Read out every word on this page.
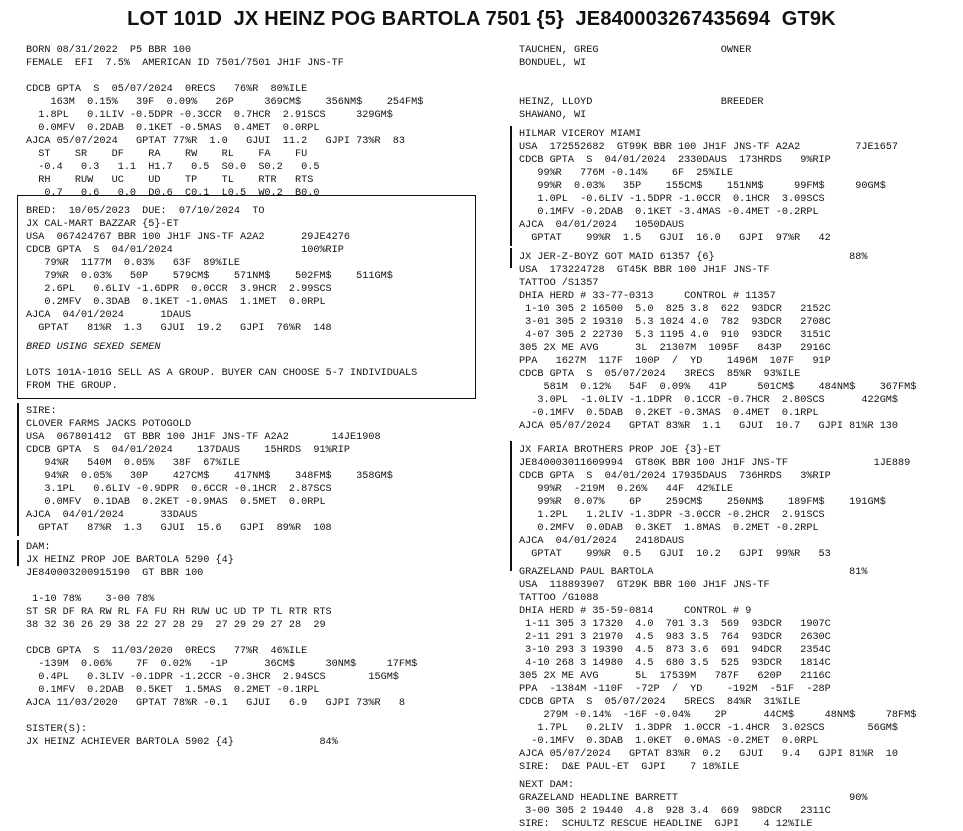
LOT 101D  JX HEINZ POG BARTOLA 7501 {5}  JE840003267435694  GT9K
BORN 08/31/2022  P5 BBR 100
FEMALE  EFI  7.5%  AMERICAN ID 7501/7501 JH1F JNS-TF
CDCB GPTA  S  05/07/2024  0RECS   76%R  80%ILE
163M  0.15%   39F  0.09%   26P     369CM$    356NM$    254FM$
1.8PL   0.1LIV -0.5DPR -0.3CCR  0.7HCR  2.91SCS     329GM$
0.0MFV  0.2DAB  0.1KET -0.5MAS  0.4MET  0.0RPL
AJCA 05/07/2024   GPTAT 77%R  1.0   GJUI  11.2   GJPI 73%R  83
ST    SR    DF    RA    RW    RL    FA    FU
-0.4   0.3   1.1  H1.7   0.5  S0.0  S0.2   0.5
RH    RUW   UC    UD    TP    TL    RTR   RTS
0.7   0.6   0.0  D0.6  C0.1  L0.5  W0.2  B0.0
BRED:  10/05/2023  DUE:  07/10/2024  TO
JX CAL-MART BAZZAR {5}-ET
USA  067424767 BBR 100 JH1F JNS-TF A2A2      29JE4276
CDCB GPTA  S  04/01/2024                     100%RIP
79%R  1177M  0.03%   63F  89%ILE
79%R  0.03%   50P    579CM$    571NM$    502FM$    511GM$
2.6PL   0.6LIV -1.6DPR  0.0CCR  3.9HCR  2.99SCS
0.2MFV  0.3DAB  0.1KET -1.0MAS  1.1MET  0.0RPL
AJCA  04/01/2024      1DAUS
GPTAT   81%R  1.3   GJUI  19.2   GJPI  76%R  148
BRED USING SEXED SEMEN
LOTS 101A-101G SELL AS A GROUP. BUYER CAN CHOOSE 5-7 INDIVIDUALS
FROM THE GROUP.
SIRE:
CLOVER FARMS JACKS POTOGOLD
USA  067801412  GT BBR 100 JH1F JNS-TF A2A2       14JE1908
CDCB GPTA  S  04/01/2024    137DAUS    15HRDS  91%RIP
94%R   540M  0.05%   38F  67%ILE
94%R  0.05%   30P    427CM$    417NM$    348FM$    358GM$
3.1PL   0.6LIV -0.9DPR  0.6CCR -0.1HCR  2.87SCS
0.0MFV  0.1DAB  0.2KET -0.9MAS  0.5MET  0.0RPL
AJCA  04/01/2024      33DAUS
GPTAT   87%R  1.3   GJUI  15.6   GJPI  89%R  108
DAM:
JX HEINZ PROP JOE BARTOLA 5290 {4}
JE840003200915190  GT BBR 100
1-10 78%    3-00 78%
ST SR DF RA RW RL FA FU RH RUW UC UD TP TL RTR RTS
38 32 36 26 29 38 22 27 28 29  27 29 29 27 28  29
CDCB GPTA  S  11/03/2020  0RECS   77%R  46%ILE
-139M  0.06%    7F  0.02%   -1P      36CM$     30NM$     17FM$
0.4PL   0.3LIV -0.1DPR -1.2CCR -0.3HCR  2.94SCS       15GM$
0.1MFV  0.2DAB  0.5KET  1.5MAS  0.2MET -0.1RPL
AJCA 11/03/2020   GPTAT 78%R -0.1   GJUI   6.9   GJPI 73%R   8
SISTER(S):
JX HEINZ ACHIEVER BARTOLA 5902 {4}              84%
TAUCHEN, GREG                    OWNER
BONDUEL, WI
HEINZ, LLOYD                     BREEDER
SHAWANO, WI
HILMAR VICEROY MIAMI
USA  172552682  GT99K BBR 100 JH1F JNS-TF A2A2         7JE1657
CDCB GPTA  S  04/01/2024  2330DAUS  173HRDS   9%RIP
99%R   776M -0.14%    6F  25%ILE
99%R  0.03%   35P    155CM$    151NM$     99FM$     90GM$
1.0PL  -0.6LIV -1.5DPR -1.0CCR  0.1HCR  3.09SCS
0.1MFV -0.2DAB  0.1KET -3.4MAS -0.4MET -0.2RPL
AJCA  04/01/2024   1050DAUS
GPTAT    99%R  1.5   GJUI  16.0   GJPI  97%R   42
JX JER-Z-BOYZ GOT MAID 61357 {6}                      88%
USA  173224728  GT45K BBR 100 JH1F JNS-TF
TATTOO /S1357
DHIA HERD # 33-77-0313     CONTROL # 11357
1-10 305 2 16500  5.0  825 3.8  622  93DCR   2152C
3-01 305 2 19310  5.3 1024 4.0  782  93DCR   2708C
4-07 305 2 22730  5.3 1195 4.0  910  93DCR   3151C
305 2X ME AVG      3L  21307M  1095F   843P   2916C
PPA   1627M  117F  100P  /  YD    1496M  107F   91P
CDCB GPTA  S  05/07/2024   3RECS  85%R  93%ILE
581M  0.12%   54F  0.09%   41P     501CM$    484NM$    367FM$
3.0PL  -1.0LIV -1.1DPR  0.1CCR -0.7HCR  2.80SCS      422GM$
-0.1MFV  0.5DAB  0.2KET -0.3MAS  0.4MET  0.1RPL
AJCA 05/07/2024   GPTAT 83%R  1.1   GJUI  10.7   GJPI 81%R 130
JX FARIA BROTHERS PROP JOE {3}-ET
JE840003011609994  GT80K BBR 100 JH1F JNS-TF              1JE889
CDCB GPTA  S  04/01/2024 17935DAUS  736HRDS   3%RIP
99%R  -219M  0.26%   44F  42%ILE
99%R  0.07%    6P    259CM$    250NM$    189FM$    191GM$
1.2PL   1.2LIV -1.3DPR -3.0CCR -0.2HCR  2.91SCS
0.2MFV  0.0DAB  0.3KET  1.8MAS  0.2MET -0.2RPL
AJCA  04/01/2024   2418DAUS
GPTAT    99%R  0.5   GJUI  10.2   GJPI  99%R   53
GRAZELAND PAUL BARTOLA                                81%
USA  118893907  GT29K BBR 100 JH1F JNS-TF
TATTOO /G1088
DHIA HERD # 35-59-0814     CONTROL # 9
1-11 305 3 17320  4.0  701 3.3  569  93DCR   1907C
2-11 291 3 21970  4.5  983 3.5  764  93DCR   2630C
3-10 293 3 19390  4.5  873 3.6  691  94DCR   2354C
4-10 268 3 14980  4.5  680 3.5  525  93DCR   1814C
305 2X ME AVG      5L  17539M   787F   620P   2116C
PPA  -1384M -110F  -72P  /  YD    -192M  -51F  -28P
CDCB GPTA  S  05/07/2024   5RECS  84%R  31%ILE
279M -0.14%  -16F -0.04%    2P      44CM$     48NM$     78FM$
1.7PL   0.2LIV  1.3DPR  1.0CCR -1.4HCR  3.02SCS       56GM$
-0.1MFV  0.3DAB  1.0KET  0.0MAS -0.2MET  0.0RPL
AJCA 05/07/2024   GPTAT 83%R  0.2   GJUI   9.4   GJPI 81%R  10
SIRE:  D&E PAUL-ET  GJPI    7 18%ILE
NEXT DAM:
GRAZELAND HEADLINE BARRETT                            90%
3-00 305 2 19440  4.8  928 3.4  669  98DCR   2311C
SIRE:  SCHULTZ RESCUE HEADLINE  GJPI    4 12%ILE
